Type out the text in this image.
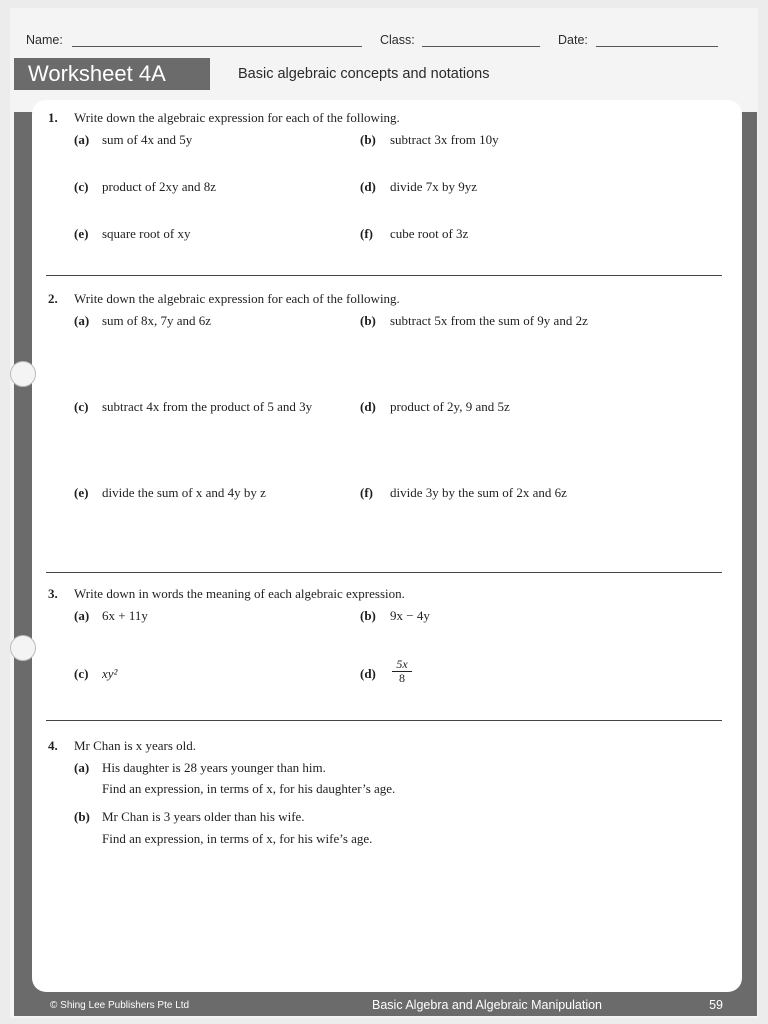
Name:	Class:	Date:
Worksheet 4A	Basic algebraic concepts and notations
1. Write down the algebraic expression for each of the following.
(a) sum of 4x and 5y	(b) subtract 3x from 10y
(c) product of 2xy and 8z	(d) divide 7x by 9yz
(e) square root of xy	(f) cube root of 3z
2. Write down the algebraic expression for each of the following.
(a) sum of 8x, 7y and 6z	(b) subtract 5x from the sum of 9y and 2z
(c) subtract 4x from the product of 5 and 3y	(d) product of 2y, 9 and 5z
(e) divide the sum of x and 4y by z	(f) divide 3y by the sum of 2x and 6z
3. Write down in words the meaning of each algebraic expression.
(a) 6x + 11y	(b) 9x − 4y
(c) xy²	$(d) \frac{5x}{8}$
4. Mr Chan is x years old.
(a) His daughter is 28 years younger than him.
Find an expression, in terms of x, for his daughter’s age.
(b) Mr Chan is 3 years older than his wife.
Find an expression, in terms of x, for his wife’s age.
© Shing Lee Publishers Pte Ltd	Basic Algebra and Algebraic Manipulation	59
